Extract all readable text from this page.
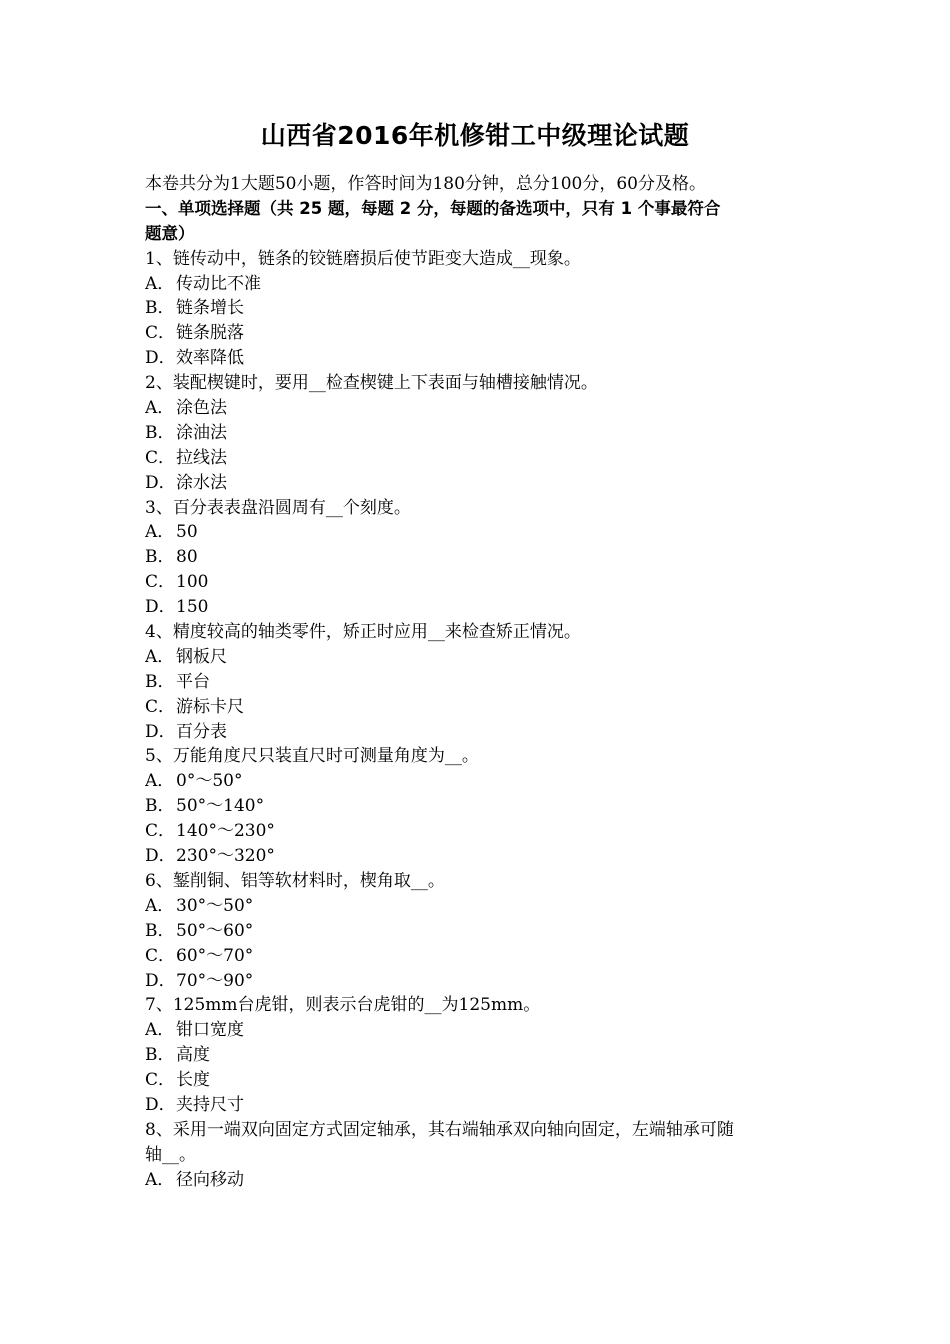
山西省2016年机修钳工中级理论试题
本卷共分为1大题50小题，作答时间为180分钟，总分100分，60分及格。
一、单项选择题（共 25 题，每题 2 分，每题的备选项中，只有 1 个事最符合
题意）
1、链传动中，链条的铰链磨损后使节距变大造成__现象。
A． 传动比不准
B．链条增长
C．链条脱落
D．效率降低
2、装配楔键时，要用__检查楔键上下表面与轴槽接触情况。
A． 涂色法
B．涂油法
C．拉线法
D．涂水法
3、百分表表盘沿圆周有__个刻度。
A． 50
B．80
C．100
D．150
4、精度较高的轴类零件，矫正时应用__来检查矫正情况。
A． 钢板尺
B．平台
C．游标卡尺
D．百分表
5、万能角度尺只装直尺时可测量角度为__。
A． 0°～50°
B．50°～140°
C．140°～230°
D．230°～320°
6、錾削铜、铝等软材料时，楔角取__。
A． 30°～50°
B．50°～60°
C．60°～70°
D．70°～90°
7、125mm台虎钳，则表示台虎钳的__为125mm。
A． 钳口宽度
B．高度
C．长度
D．夹持尺寸
8、采用一端双向固定方式固定轴承，其右端轴承双向轴向固定，左端轴承可随
轴__。
A． 径向移动
